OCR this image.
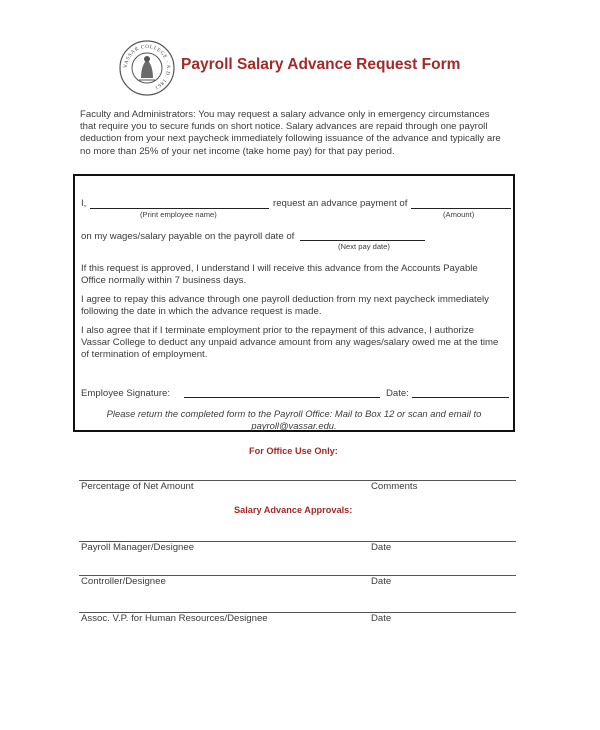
VASSAR COLLEGE · A.D. 1861
Payroll Salary Advance Request Form

Faculty and Administrators: You may request a salary advance only in emergency circumstances

that require you to secure funds on short notice. Salary advances are repaid through one payroll

deduction from your next paycheck immediately following issuance of the advance and typically are

no more than 25% of your net income (take home pay) for that pay period.

I,
(Print employee name)
request an advance payment of
(Amount)
on my wages/salary payable on the payroll date of
(Next pay date)

If this request is approved, I understand I will receive this advance from the Accounts Payable

Office normally within 7 business days.

I agree to repay this advance through one payroll deduction from my next paycheck immediately

following the date in which the advance request is made.

I also agree that if I terminate employment prior to the repayment of this advance, I authorize

Vassar College to deduct any unpaid advance amount from any wages/salary owed me at the time

of termination of employment.

Employee Signature:	Date:
Please return the completed form to the Payroll Office: Mail to Box 12 or scan and email to
payroll@vassar.edu.
For Office Use Only:
Percentage of Net Amount	Comments
Salary Advance Approvals:
Payroll Manager/Designee	Date
Controller/Designee	Date
Assoc. V.P. for Human Resources/Designee	Date
